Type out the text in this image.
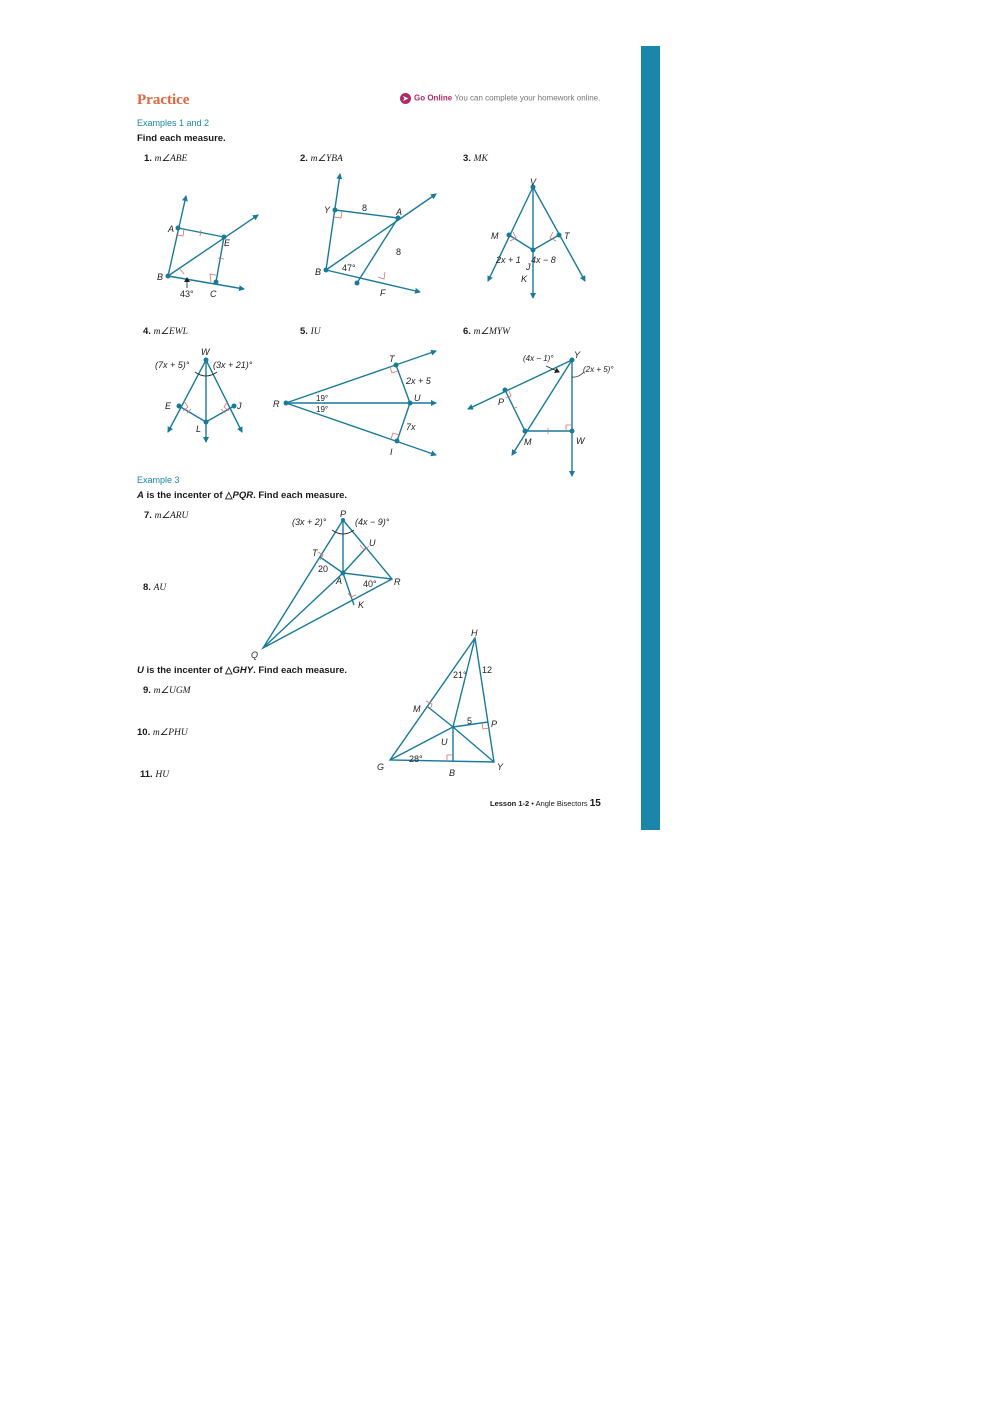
Practice	➤ Go Online You can complete your homework online.
Examples 1 and 2
Find each measure.
1. m∠ABE	2. m∠YBA	3. MK
4. m∠EWL	5. IU	6. m∠MYW
Example 3
A is the incenter of △PQR. Find each measure.
7. m∠ARU
8. AU
U is the incenter of △GHY. Find each measure.
9. m∠UGM
10. m∠PHU
11. HU
A
E
B
C
43°
Y	A
B
F
8
8
47°
V
M	T
K
J
2x + 1 4x − 8
W
E	J
L
(7x + 5)°	(3x + 21)°
R
T
U
I
19°
19°
2x + 5
7x
Y
P
M	W
(4x − 1)°
(2x + 5)°
P
T
U
A	R
K
Q
(3x + 2)°	(4x − 9)°
20
40°
H
M
P
U
G
B
Y
21° 12
5
28°
Lesson 1-2 • Angle Bisectors 15
